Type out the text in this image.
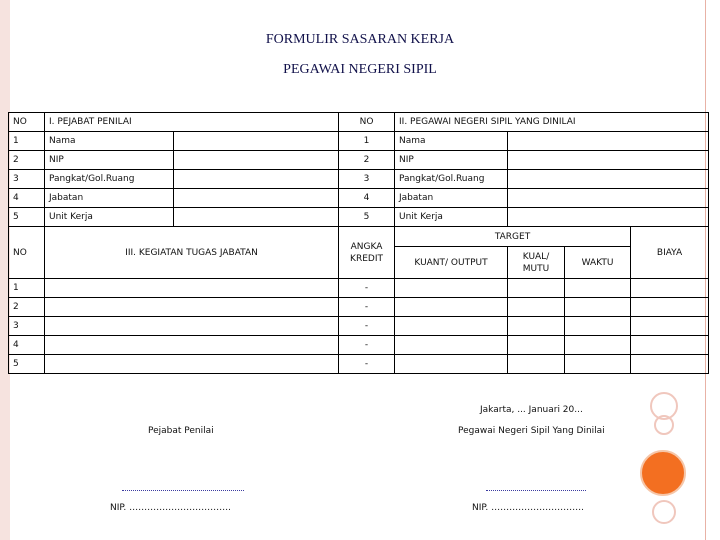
FORMULIR SASARAN KERJA
PEGAWAI NEGERI SIPIL
NO	I. PEJABAT PENILAI		NO	II. PEGAWAI NEGERI SIPIL YANG DINILAI			
1	Nama		1	Nama			
2	NIP		2	NIP			
3	Pangkat/Gol.Ruang		3	Pangkat/Gol.Ruang			
4	Jabatan		4	Jabatan			
5	Unit Kerja		5	Unit Kerja			
NO	III. KEGIATAN TUGAS JABATAN		ANGKA KREDIT	TARGET			BIAYA
				KUANT/ OUTPUT	KUAL/ MUTU	WAKTU	
1			-				
2			-				
3			-				
4			-				
5			-				
Jakarta, ... Januari 20...
Pejabat Penilai	Pegawai Negeri Sipil Yang Dinilai
NIP. …………………………….	NIP. ………………………….
